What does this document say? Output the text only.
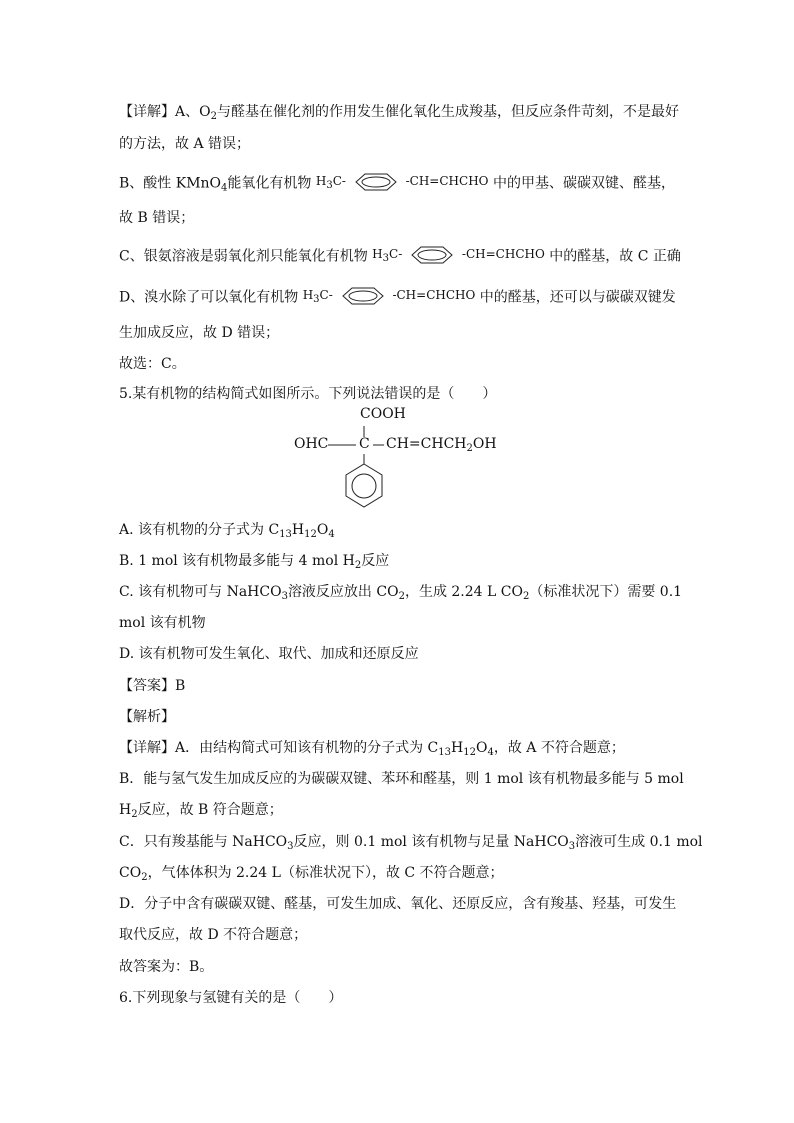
【详解】A、$O_2$与醛基在催化剂的作用发生催化氧化生成羧基，但反应条件苛刻，不是最好
的方法，故 A 错误；
B、酸性 KMnO$_4$能氧化有机物 $H_3C-$	-CH=CHCHO 中的甲基、碳碳双键、醛基，
故 B 错误；
C、银氨溶液是弱氧化剂只能氧化有机物 $H_3C-$	-CH=CHCHO 中的醛基，故 C 正确
D、溴水除了可以氧化有机物 $H_3C-$	-CH=CHCHO 中的醛基，还可以与碳碳双键发
生加成反应，故 D 错误；
故选：C。
5.某有机物的结构简式如图所示。下列说法错误的是（　　）
COOH
OHC C $CH=CHCH_2OH$
A. 该有机物的分子式为 $C_{13}H_{12}O_4$
B. 1 mol 该有机物最多能与 4 mol $H_2$反应
C. 该有机物可与 NaHCO$_3$溶液反应放出 $CO_2$，生成 2.24 L $CO_2$（标准状况下）需要 0.1
mol 该有机物
D. 该有机物可发生氧化、取代、加成和还原反应
【答案】B
【解析】
【详解】A．由结构简式可知该有机物的分子式为 $C_{13}H_{12}O_4$，故 A 不符合题意；
B．能与氢气发生加成反应的为碳碳双键、苯环和醛基，则 1 mol 该有机物最多能与 5 mol
$H_2$反应，故 B 符合题意；
C．只有羧基能与 NaHCO$_3$反应，则 0.1 mol 该有机物与足量 NaHCO$_3$溶液可生成 0.1 mol
$CO_2$，气体体积为 2.24 L（标准状况下），故 C 不符合题意；
D．分子中含有碳碳双键、醛基，可发生加成、氧化、还原反应，含有羧基、羟基，可发生
取代反应，故 D 不符合题意；
故答案为：B。
6.下列现象与氢键有关的是（　　）
